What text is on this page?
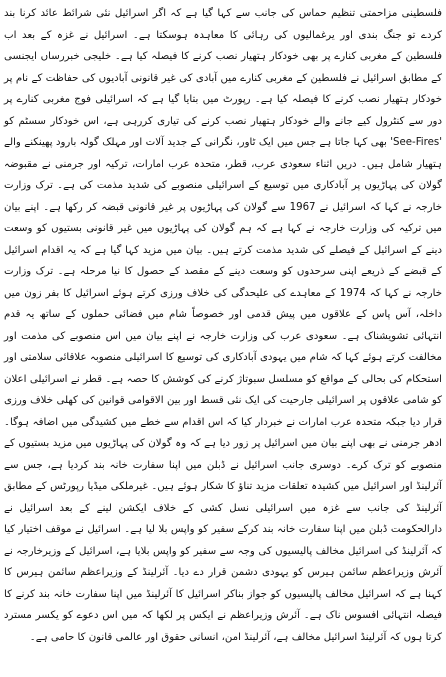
فلسطینی مزاحمتی تنظیم حماس کی جانب سے کہا گیا ہے کہ اگر اسرائیل نئی شرائط عائد کرنا بند کردے تو جنگ بندی اور یرغمالیوں کی رہائی کا معاہدہ ہوسکتا ہے۔ اسرائیل نے غزہ کے بعد اب فلسطین کے مغربی کنارے پر بھی خودکار ہتھیار نصب کرنے کا فیصلہ کیا ہے۔ خلیجی خبررساں ایجنسی کے مطابق اسرائیل نے فلسطین کے مغربی کنارے میں آبادی کی غیر قانونی آبادیوں کی حفاظت کے نام پر خودکار ہتھیار نصب کرنے کا فیصلہ کیا ہے۔ رپورٹ میں بتایا گیا ہے کہ اسرائیلی فوج مغربی کنارے پر دور سے کنٹرول کیے جانے والے خودکار ہتھیار نصب کرنے کی تیاری کررہی ہے، اس خودکار سسٹم کو 'See-Fires' بھی کہا جاتا ہے جس میں ایک ٹاور، نگرانی کے جدید آلات اور مہلک گولہ بارود پھینکنے والے ہتھیار شامل ہیں۔ دریں اثناء سعودی عرب، قطر، متحدہ عرب امارات، ترکیہ اور جرمنی نے مقبوضہ گولان کی پہاڑیوں پر آبادکاری میں توسیع کے اسرائیلی منصوبے کی شدید مذمت کی ہے۔ ترک وزارت خارجہ نے کہا کہ اسرائیل نے 1967 سے گولان کی پہاڑیوں پر غیر قانونی قبضہ کر رکھا ہے۔ اپنے بیان میں ترکیہ کی وزارت خارجہ نے کہا ہے کہ ہم گولان کی پہاڑیوں میں غیر قانونی بستیوں کو وسعت دینے کے اسرائیل کے فیصلے کی شدید مذمت کرتے ہیں۔ بیان میں مزید کہا گیا ہے کہ یہ اقدام اسرائیل کے قبضے کے ذریعے اپنی سرحدوں کو وسعت دینے کے مقصد کے حصول کا نیا مرحلہ ہے۔ ترک وزارت خارجہ نے کہا کہ 1974 کے معاہدے کی علیحدگی کی خلاف ورزی کرتے ہوئے اسرائیل کا بفر زون میں داخلہ، آس پاس کے علاقوں میں پیش قدمی اور خصوصاً شام میں فضائی حملوں کے ساتھ یہ قدم انتہائی تشویشناک ہے۔ سعودی عرب کی وزارت خارجہ نے اپنے بیان میں اس منصوبے کی مذمت اور مخالفت کرتے ہوئے کہا کہ شام میں یہودی آبادکاری کی توسیع کا اسرائیلی منصوبہ علاقائی سلامتی اور استحکام کی بحالی کے مواقع کو مسلسل سبوتاژ کرنے کی کوشش کا حصہ ہے۔ قطر نے اسرائیلی اعلان کو شامی علاقوں پر اسرائیلی جارحیت کی ایک نئی قسط اور بین الاقوامی قوانین کی کھلی خلاف ورزی قرار دیا جبکہ متحدہ عرب امارات نے خبردار کیا کہ اس اقدام سے خطے میں کشیدگی میں اضافہ ہوگا۔ ادھر جرمنی نے بھی اپنے بیان میں اسرائیل پر زور دیا ہے کہ وہ گولان کی پہاڑیوں میں مزید بستیوں کے منصوبے کو ترک کرے۔ دوسری جانب اسرائیل نے ڈبلن میں اپنا سفارت خانہ بند کردیا ہے، جس سے آئرلینڈ اور اسرائیل میں کشیدہ تعلقات مزید تناؤ کا شکار ہوئے ہیں۔ غیرملکی میڈیا رپورٹس کے مطابق آئرلینڈ کی جانب سے غزہ میں اسرائیلی نسل کشی کے خلاف ایکشن لینے کے بعد اسرائیل نے دارالحکومت ڈبلن میں اپنا سفارت خانہ بند کرکے سفیر کو واپس بلا لیا ہے۔ اسرائیل نے موقف اختیار کیا کہ آئرلینڈ کی اسرائیل مخالف پالیسیوں کی وجہ سے سفیر کو واپس بلایا ہے، اسرائیل کے وزیرخارجہ نے آئرش وزیراعظم سائمن ہیرس کو یہودی دشمن قرار دے دیا۔ آئرلینڈ کے وزیراعظم سائمن ہیرس کا کہنا ہے کہ اسرائیل مخالف پالیسیوں کو جواز بناکر اسرائیل کا آئرلینڈ میں اپنا سفارت خانہ بند کرنے کا فیصلہ انتہائی افسوس ناک ہے۔ آئرش وزیراعظم نے ایکس پر لکھا کہ میں اس دعوے کو یکسر مسترد کرتا ہوں کہ آئرلینڈ اسرائیل مخالف ہے، آئرلینڈ امن، انسانی حقوق اور عالمی قانون کا حامی ہے۔
